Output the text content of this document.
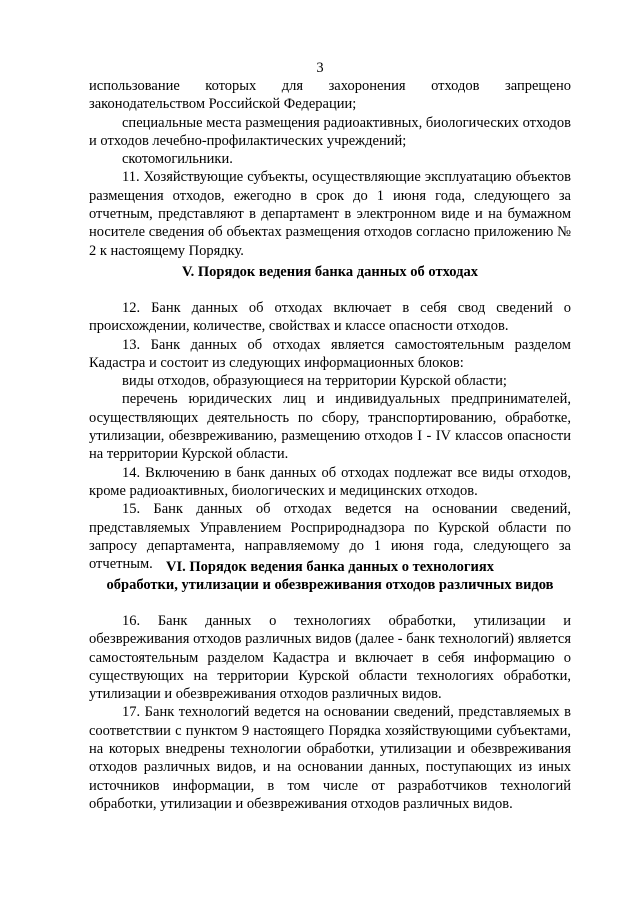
3

использование которых для захоронения отходов запрещено законодательством Российской Федерации;

специальные места размещения радиоактивных, биологических отходов и отходов лечебно-профилактических учреждений;

скотомогильники.

11. Хозяйствующие субъекты, осуществляющие эксплуатацию объектов размещения отходов, ежегодно в срок до 1 июня года, следующего за отчетным, представляют в департамент в электронном виде и на бумажном носителе сведения об объектах размещения отходов согласно приложению № 2 к настоящему Порядку.

V. Порядок ведения банка данных об отходах

12. Банк данных об отходах включает в себя свод сведений о происхождении, количестве, свойствах и классе опасности отходов.

13. Банк данных об отходах является самостоятельным разделом Кадастра и состоит из следующих информационных блоков:

виды отходов, образующиеся на территории Курской области;

перечень юридических лиц и индивидуальных предпринимателей, осуществляющих деятельность по сбору, транспортированию, обработке, утилизации, обезвреживанию, размещению отходов I - IV классов опасности на территории Курской области.

14. Включению в банк данных об отходах подлежат все виды отходов, кроме радиоактивных, биологических и медицинских отходов.

15. Банк данных об отходах ведется на основании сведений, представляемых Управлением Росприроднадзора по Курской области по запросу департамента, направляемому до 1 июня года, следующего за отчетным. VI. Порядок ведения банка данных о технологиях
обработки, утилизации и обезвреживания отходов различных видов

16. Банк данных о технологиях обработки, утилизации и обезвреживания отходов различных видов (далее - банк технологий) является самостоятельным разделом Кадастра и включает в себя информацию о существующих на территории Курской области технологиях обработки, утилизации и обезвреживания отходов различных видов.

17. Банк технологий ведется на основании сведений, представляемых в соответствии с пунктом 9 настоящего Порядка хозяйствующими субъектами, на которых внедрены технологии обработки, утилизации и обезвреживания отходов различных видов, и на основании данных, поступающих из иных источников информации, в том числе от разработчиков технологий обработки, утилизации и обезвреживания отходов различных видов.
